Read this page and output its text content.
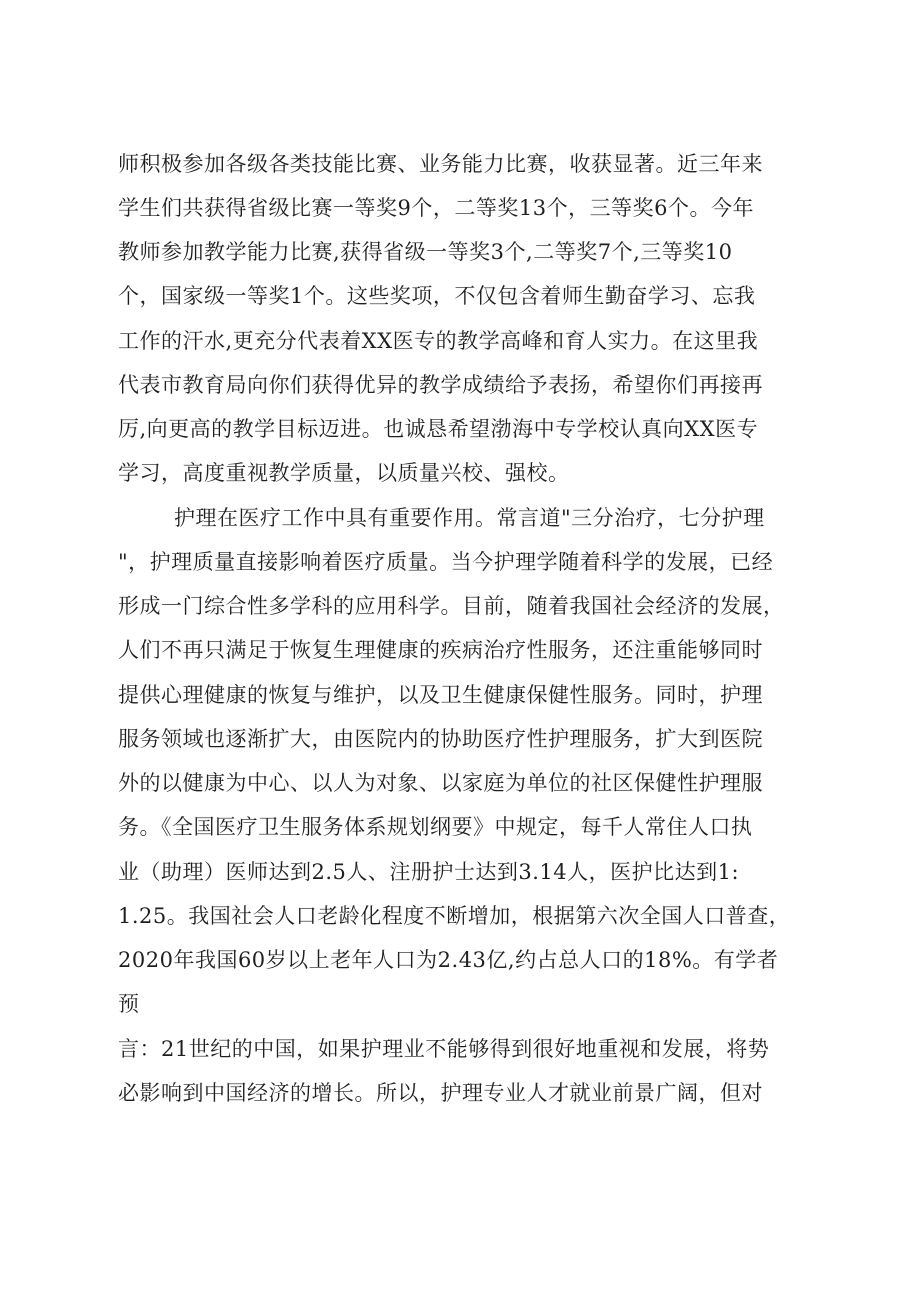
师积极参加各级各类技能比赛、业务能力比赛，收获显著。近三年来
学生们共获得省级比赛一等奖9个，二等奖13个，三等奖6个。今年
教师参加教学能力比赛,获得省级一等奖3个,二等奖7个,三等奖10
个，国家级一等奖1个。这些奖项，不仅包含着师生勤奋学习、忘我
工作的汗水,更充分代表着XX医专的教学高峰和育人实力。在这里我
代表市教育局向你们获得优异的教学成绩给予表扬，希望你们再接再
厉,向更高的教学目标迈进。也诚恳希望渤海中专学校认真向XX医专
学习，高度重视教学质量，以质量兴校、强校。
护理在医疗工作中具有重要作用。常言道"三分治疗，七分护理
"，护理质量直接影响着医疗质量。当今护理学随着科学的发展，已经
形成一门综合性多学科的应用科学。目前，随着我国社会经济的发展，
人们不再只满足于恢复生理健康的疾病治疗性服务，还注重能够同时
提供心理健康的恢复与维护，以及卫生健康保健性服务。同时，护理
服务领域也逐渐扩大，由医院内的协助医疗性护理服务，扩大到医院
外的以健康为中心、以人为对象、以家庭为单位的社区保健性护理服
务。《全国医疗卫生服务体系规划纲要》中规定，每千人常住人口执
业（助理）医师达到2.5人、注册护士达到3.14人，医护比达到1:
1.25。我国社会人口老龄化程度不断增加，根据第六次全国人口普查，
2020年我国60岁以上老年人口为2.43亿,约占总人口的18%。有学者
预
言：21世纪的中国，如果护理业不能够得到很好地重视和发展，将势
必影响到中国经济的增长。所以，护理专业人才就业前景广阔，但对
